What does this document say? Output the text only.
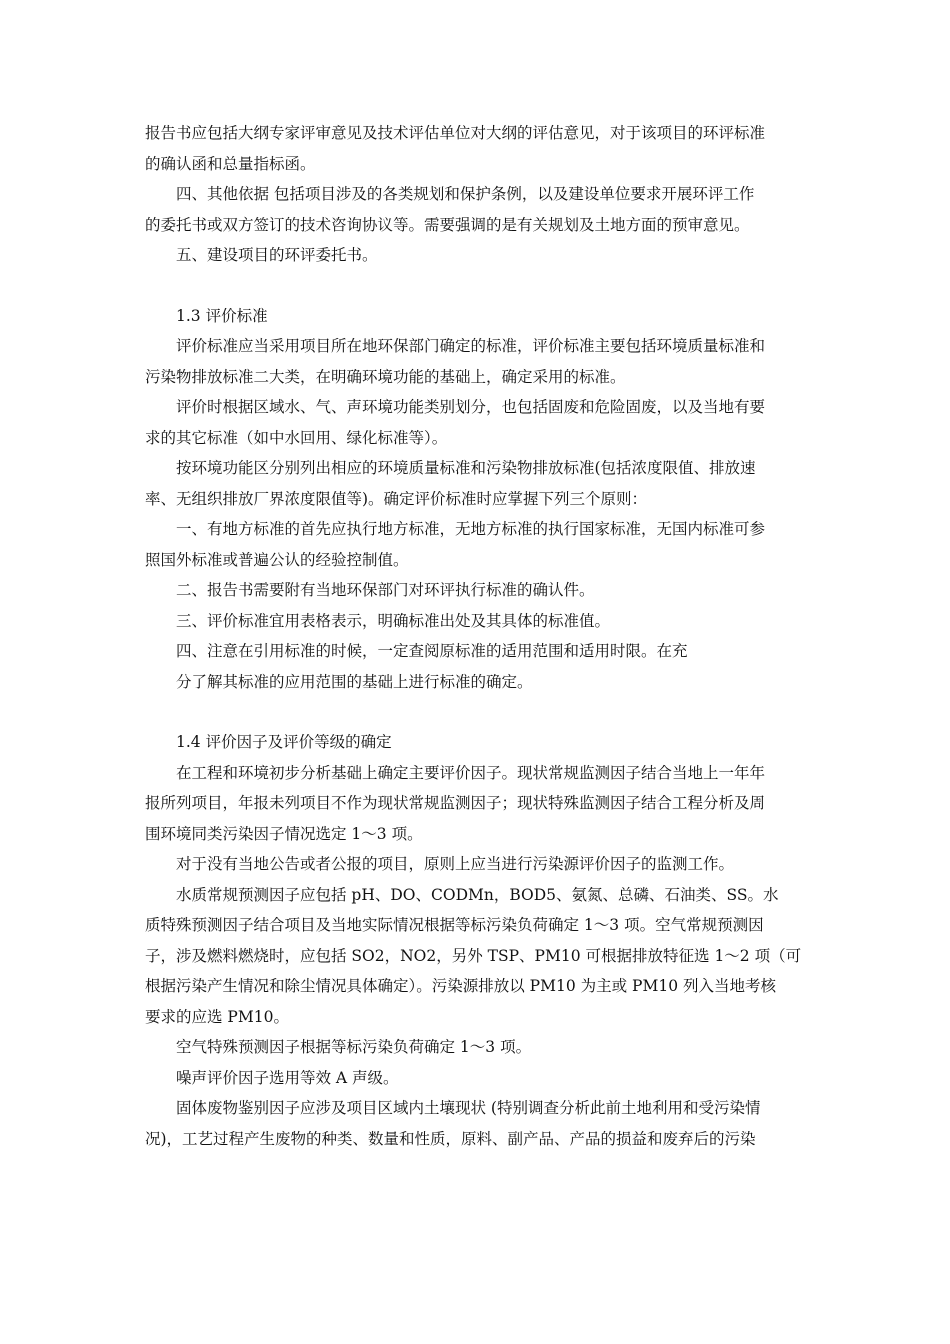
报告书应包括大纲专家评审意见及技术评估单位对大纲的评估意见，对于该项目的环评标准
的确认函和总量指标函。

四、其他依据 包括项目涉及的各类规划和保护条例，以及建设单位要求开展环评工作
的委托书或双方签订的技术咨询协议等。需要强调的是有关规划及土地方面的预审意见。

五、建设项目的环评委托书。

1.3 评价标准

评价标准应当采用项目所在地环保部门确定的标准，评价标准主要包括环境质量标准和
污染物排放标准二大类，在明确环境功能的基础上，确定采用的标准。

评价时根据区域水、气、声环境功能类别划分，也包括固废和危险固废，以及当地有要
求的其它标准（如中水回用、绿化标准等）。

按环境功能区分别列出相应的环境质量标准和污染物排放标准(包括浓度限值、排放速
率、无组织排放厂界浓度限值等)。确定评价标准时应掌握下列三个原则：

一、有地方标准的首先应执行地方标准，无地方标准的执行国家标准，无国内标准可参
照国外标准或普遍公认的经验控制值。

二、报告书需要附有当地环保部门对环评执行标准的确认件。

三、评价标准宜用表格表示，明确标准出处及其具体的标准值。

四、注意在引用标准的时候，一定查阅原标准的适用范围和适用时限。在充
分了解其标准的应用范围的基础上进行标准的确定。

1.4 评价因子及评价等级的确定

在工程和环境初步分析基础上确定主要评价因子。现状常规监测因子结合当地上一年年
报所列项目，年报未列项目不作为现状常规监测因子；现状特殊监测因子结合工程分析及周
围环境同类污染因子情况选定 1～3 项。

对于没有当地公告或者公报的项目，原则上应当进行污染源评价因子的监测工作。

水质常规预测因子应包括 pH、DO、CODMn，BOD5、氨氮、总磷、石油类、SS。水
质特殊预测因子结合项目及当地实际情况根据等标污染负荷确定 1～3 项。空气常规预测因
子，涉及燃料燃烧时，应包括 SO2，NO2，另外 TSP、PM10 可根据排放特征选 1～2 项（可
根据污染产生情况和除尘情况具体确定）。污染源排放以 PM10 为主或 PM10 列入当地考核
要求的应选 PM10。

空气特殊预测因子根据等标污染负荷确定 1～3 项。

噪声评价因子选用等效 A 声级。

固体废物鉴别因子应涉及项目区域内土壤现状 (特别调查分析此前土地利用和受污染情
况)，工艺过程产生废物的种类、数量和性质，原料、副产品、产品的损益和废弃后的污染
